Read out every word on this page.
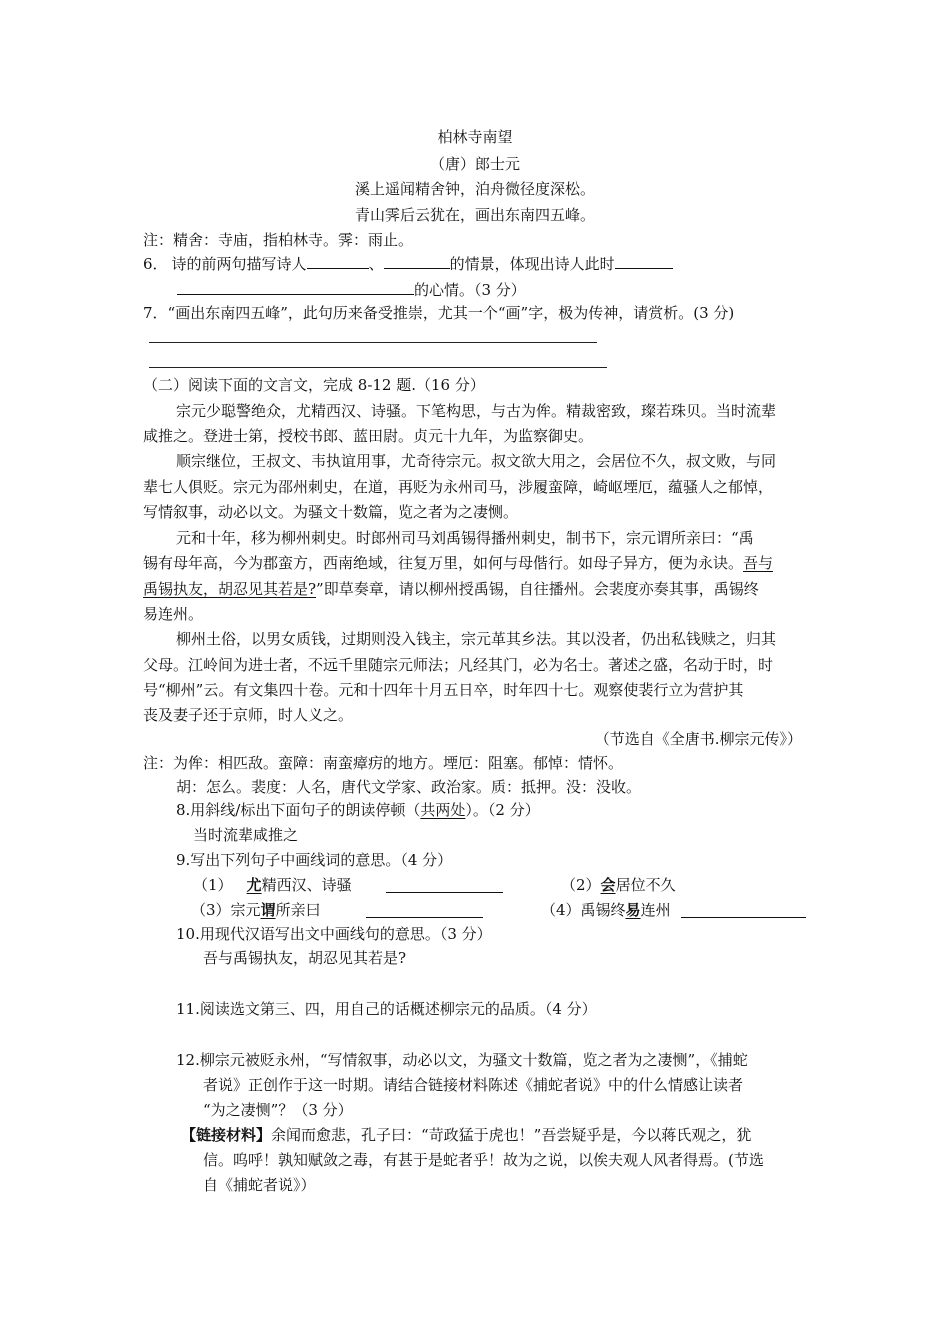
柏林寺南望
（唐）郎士元
溪上遥闻精舍钟，泊舟微径度深松。
青山霁后云犹在，画出东南四五峰。
注：精舍：寺庙，指柏林寺。霁：雨止。
6． 诗的前两句描写诗人	、	的情景，体现出诗人此时
的心情。（3 分）
7．“画出东南四五峰”，此句历来备受推崇，尤其一个“画”字，极为传神，请赏析。(3 分)
（二）阅读下面的文言文，完成 8-12 题.（16 分）
宗元少聪警绝众，尤精西汉、诗骚。下笔构思，与古为侔。精裁密致，璨若珠贝。当时流辈
咸推之。登进士第，授校书郎、蓝田尉。贞元十九年，为监察御史。
顺宗继位，王叔文、韦执谊用事，尤奇待宗元。叔文欲大用之，会居位不久，叔文败，与同
辈七人俱贬。宗元为邵州刺史，在道，再贬为永州司马，涉履蛮障，崎岖堙厄，蕴骚人之郁悼，
写情叙事，动必以文。为骚文十数篇，览之者为之凄恻。
元和十年，移为柳州刺史。时郎州司马刘禹锡得播州刺史，制书下，宗元谓所亲曰：“禹
锡有母年高，今为郡蛮方，西南绝域，往复万里，如何与母偕行。如母子异方，便为永诀。吾与
禹锡执友，胡忍见其若是?”即草奏章，请以柳州授禹锡，自往播州。会裴度亦奏其事，禹锡终
易连州。
柳州土俗，以男女质钱，过期则没入钱主，宗元革其乡法。其以没者，仍出私钱赎之，归其
父母。江岭间为进士者，不远千里随宗元师法；凡经其门，必为名士。著述之盛，名动于时，时
号“柳州”云。有文集四十卷。元和十四年十月五日卒，时年四十七。观察使裴行立为营护其
丧及妻子还于京师，时人义之。
（节选自《全唐书.柳宗元传》）
注：为侔：相匹敌。蛮障：南蛮瘴疠的地方。堙厄：阻塞。郁悼：情怀。
胡：怎么。裴度：人名，唐代文学家、政治家。质：抵押。没：没收。
8.用斜线/标出下面句子的朗读停顿（共两处）。（2 分）
当时流辈咸推之
9.写出下列句子中画线词的意思。（4 分）
（1） 尤精西汉、诗骚	（2）会居位不久
（3）宗元谓所亲曰	（4）禹锡终易连州
10.用现代汉语写出文中画线句的意思。（3 分）
吾与禹锡执友，胡忍见其若是?
11.阅读选文第三、四，用自己的话概述柳宗元的品质。（4 分）
12.柳宗元被贬永州，“写情叙事，动必以文，为骚文十数篇，览之者为之凄恻”，《捕蛇
者说》正创作于这一时期。请结合链接材料陈述《捕蛇者说》中的什么情感让读者
“为之凄恻”？（3 分）
【链接材料】余闻而愈悲，孔子曰：“苛政猛于虎也！”吾尝疑乎是，今以蒋氏观之，犹
信。呜呼！孰知赋敛之毒，有甚于是蛇者乎！故为之说，以俟夫观人风者得焉。(节选
自《捕蛇者说》）
